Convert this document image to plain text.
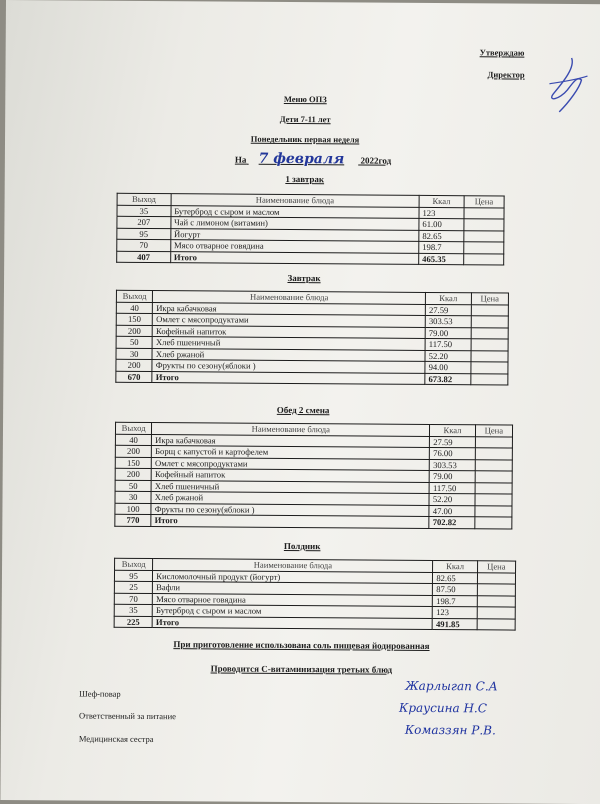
Утверждаю
Директор
Меню ОПЗ
Дети 7-11 лет
Понедельник первая неделя
На 7 февраля 2022год
1 завтрак
Выход	Наименование блюда	Ккал	Цена
35	Бутерброд с сыром и маслом	123	
207	Чай с лимоном (витамин)	61.00	
95	Йогурт	82.65	
70	Мясо отварное говядина	198.7	
407	Итого	465.35	
Завтрак
Выход	Наименование блюда	Ккал	Цена
40	Икра кабачковая	27.59	
150	Омлет с мясопродуктами	303.53	
200	Кофейный напиток	79.00	
50	Хлеб пшеничный	117.50	
30	Хлеб ржаной	52.20	
200	Фрукты по сезону(яблоки )	94.00	
670	Итого	673.82	
Обед 2 смена
Выход	Наименование блюда	Ккал	Цена
40	Икра кабачковая	27.59	
200	Борщ с капустой и картофелем	76.00	
150	Омлет с мясопродуктами	303.53	
200	Кофейный напиток	79.00	
50	Хлеб пшеничный	117.50	
30	Хлеб ржаной	52.20	
100	Фрукты по сезону(яблоки )	47.00	
770	Итого	702.82	
Полдник
Выход	Наименование блюда	Ккал	Цена
95	Кисломолочный продукт (йогурт)	82.65	
25	Вафли	87.50	
70	Мясо отварное говядина	198.7	
35	Бутерброд с сыром и маслом	123	
225	Итого	491.85	
При приготовление использована соль пищевая йодированная
Проводится С-витаминизация третьих блюд
Шеф-повар
Ответственный за питание
Медицинская сестра
Жарлыгап С.А
Краусина Н.С
Комаззян Р.В.
